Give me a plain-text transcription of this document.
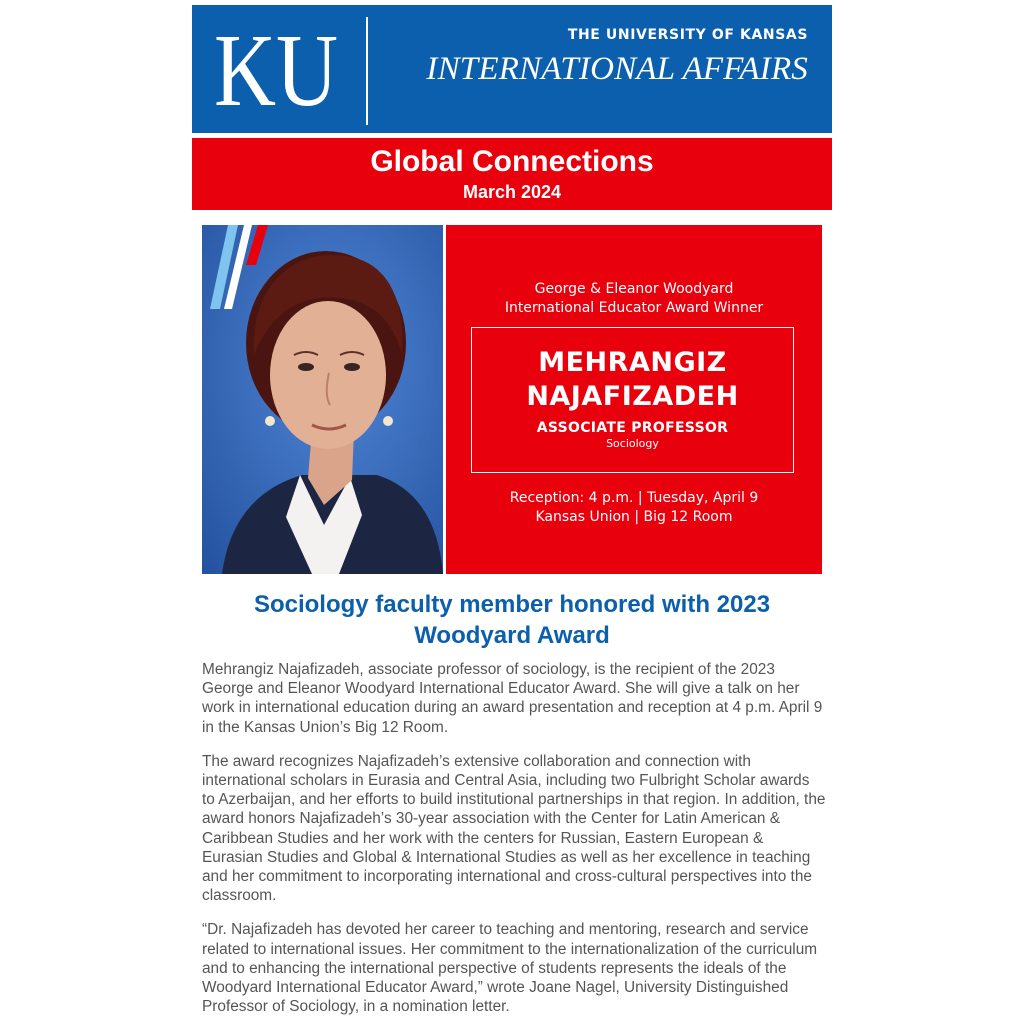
KU	THE UNIVERSITY OF KANSAS
INTERNATIONAL AFFAIRS
Global Connections
March 2024
George & Eleanor Woodyard
International Educator Award Winner
MEHRANGIZ
NAJAFIZADEH
ASSOCIATE PROFESSOR
Sociology
Reception: 4 p.m. | Tuesday, April 9
Kansas Union | Big 12 Room
Sociology faculty member honored with 2023 Woodyard Award

Mehrangiz Najafizadeh, associate professor of sociology, is the recipient of the 2023 George and Eleanor Woodyard International Educator Award. She will give a talk on her work in international education during an award presentation and reception at 4 p.m. April 9 in the Kansas Union’s Big 12 Room.

The award recognizes Najafizadeh’s extensive collaboration and connection with international scholars in Eurasia and Central Asia, including two Fulbright Scholar awards to Azerbaijan, and her efforts to build institutional partnerships in that region. In addition, the award honors Najafizadeh’s 30-year association with the Center for Latin American & Caribbean Studies and her work with the centers for Russian, Eastern European & Eurasian Studies and Global & International Studies as well as her excellence in teaching and her commitment to incorporating international and cross-cultural perspectives into the classroom.

“Dr. Najafizadeh has devoted her career to teaching and mentoring, research and service related to international issues. Her commitment to the internationalization of the curriculum and to enhancing the international perspective of students represents the ideals of the Woodyard International Educator Award,” wrote Joane Nagel, University Distinguished Professor of Sociology, in a nomination letter.
